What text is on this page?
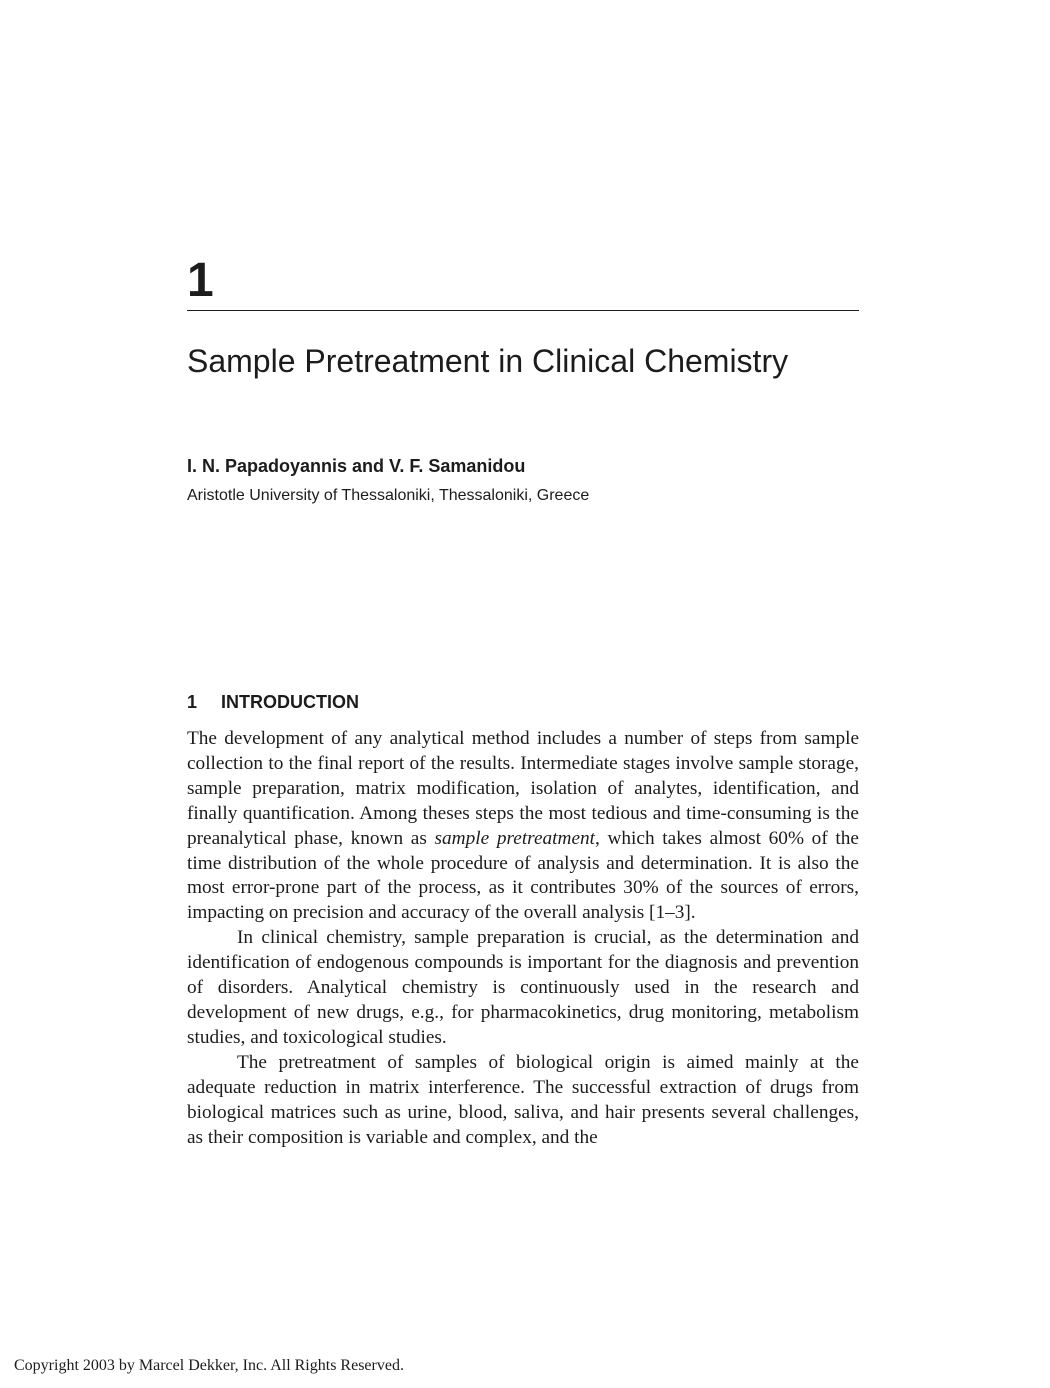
1
Sample Pretreatment in Clinical Chemistry

I. N. Papadoyannis and V. F. Samanidou

Aristotle University of Thessaloniki, Thessaloniki, Greece

1 INTRODUCTION

The development of any analytical method includes a number of steps from sample collection to the final report of the results. Intermediate stages involve sample storage, sample preparation, matrix modification, isolation of analytes, identification, and finally quantification. Among theses steps the most tedious and time-consuming is the preanalytical phase, known as sample pretreatment, which takes almost 60% of the time distribution of the whole procedure of analysis and determination. It is also the most error-prone part of the process, as it contributes 30% of the sources of errors, impacting on precision and accuracy of the overall analysis [1–3].

In clinical chemistry, sample preparation is crucial, as the determination and identification of endogenous compounds is important for the diagnosis and prevention of disorders. Analytical chemistry is continuously used in the research and development of new drugs, e.g., for pharmacokinetics, drug monitoring, metabolism studies, and toxicological studies.

The pretreatment of samples of biological origin is aimed mainly at the adequate reduction in matrix interference. The successful extraction of drugs from biological matrices such as urine, blood, saliva, and hair presents several challenges, as their composition is variable and complex, and the

Copyright 2003 by Marcel Dekker, Inc. All Rights Reserved.
